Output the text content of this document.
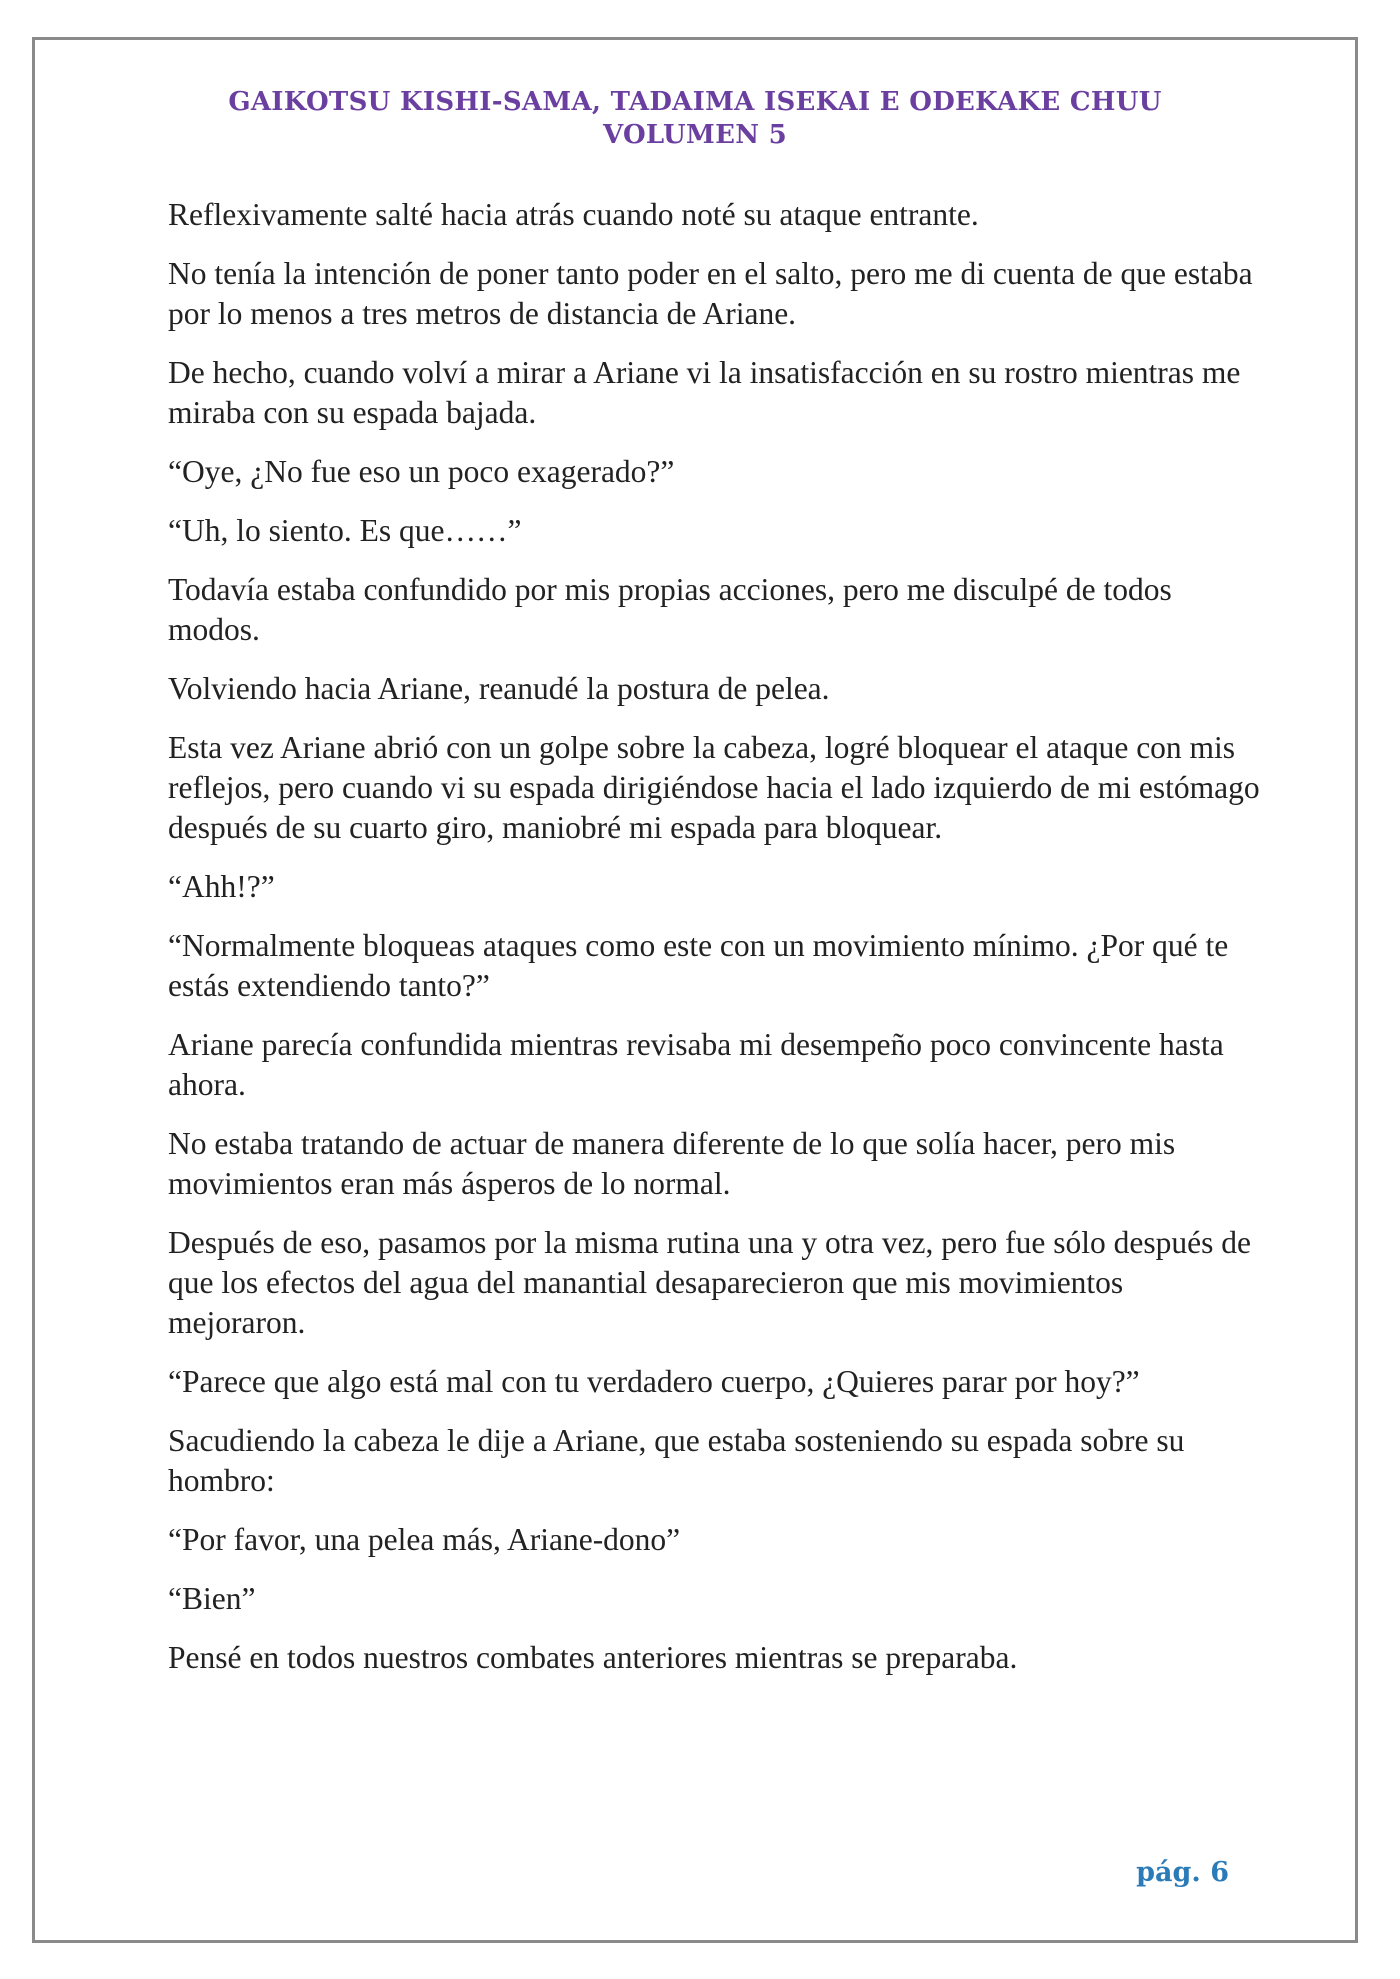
GAIKOTSU KISHI-SAMA, TADAIMA ISEKAI E ODEKAKE CHUU
VOLUMEN 5

Reflexivamente salté hacia atrás cuando noté su ataque entrante.

No tenía la intención de poner tanto poder en el salto, pero me di cuenta de que estaba por lo menos a tres metros de distancia de Ariane.

De hecho, cuando volví a mirar a Ariane vi la insatisfacción en su rostro mientras me miraba con su espada bajada.

“Oye, ¿No fue eso un poco exagerado?”

“Uh, lo siento. Es que……”

Todavía estaba confundido por mis propias acciones, pero me disculpé de todos modos.

Volviendo hacia Ariane, reanudé la postura de pelea.

Esta vez Ariane abrió con un golpe sobre la cabeza, logré bloquear el ataque con mis reflejos, pero cuando vi su espada dirigiéndose hacia el lado izquierdo de mi estómago después de su cuarto giro, maniobré mi espada para bloquear.

“Ahh!?”

“Normalmente bloqueas ataques como este con un movimiento mínimo. ¿Por qué te estás extendiendo tanto?”

Ariane parecía confundida mientras revisaba mi desempeño poco convincente hasta ahora.

No estaba tratando de actuar de manera diferente de lo que solía hacer, pero mis movimientos eran más ásperos de lo normal.

Después de eso, pasamos por la misma rutina una y otra vez, pero fue sólo después de que los efectos del agua del manantial desaparecieron que mis movimientos mejoraron.

“Parece que algo está mal con tu verdadero cuerpo, ¿Quieres parar por hoy?”

Sacudiendo la cabeza le dije a Ariane, que estaba sosteniendo su espada sobre su hombro:

“Por favor, una pelea más, Ariane-dono”

“Bien”

Pensé en todos nuestros combates anteriores mientras se preparaba.

pág. 6
